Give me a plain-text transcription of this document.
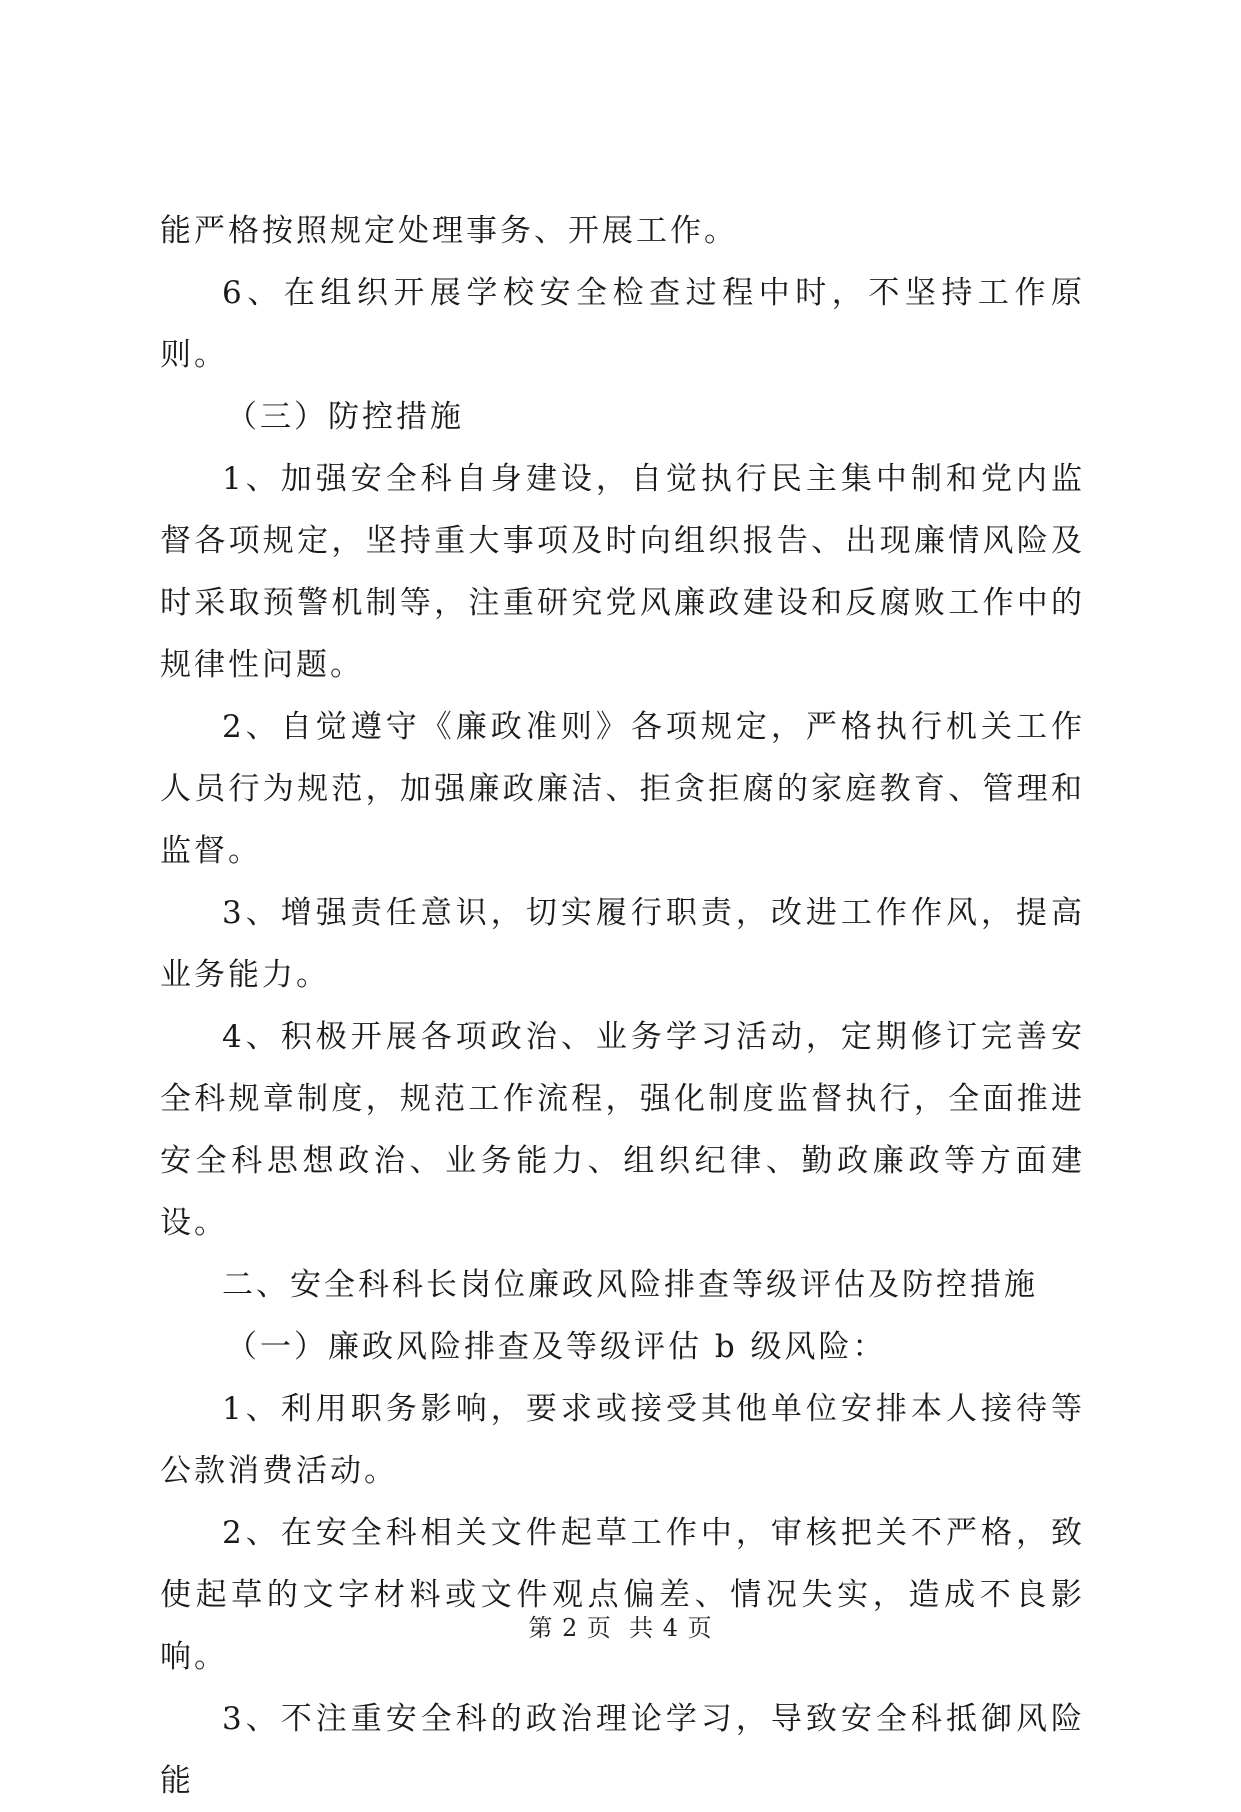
能严格按照规定处理事务、开展工作。

6、在组织开展学校安全检查过程中时，不坚持工作原则。

（三）防控措施

1、加强安全科自身建设，自觉执行民主集中制和党内监督各项规定，坚持重大事项及时向组织报告、出现廉情风险及时采取预警机制等，注重研究党风廉政建设和反腐败工作中的规律性问题。

2、自觉遵守《廉政准则》各项规定，严格执行机关工作人员行为规范，加强廉政廉洁、拒贪拒腐的家庭教育、管理和监督。

3、增强责任意识，切实履行职责，改进工作作风，提高业务能力。

4、积极开展各项政治、业务学习活动，定期修订完善安全科规章制度，规范工作流程，强化制度监督执行，全面推进安全科思想政治、业务能力、组织纪律、勤政廉政等方面建设。

二、安全科科长岗位廉政风险排查等级评估及防控措施

（一）廉政风险排查及等级评估 b 级风险：

1、利用职务影响，要求或接受其他单位安排本人接待等公款消费活动。

2、在安全科相关文件起草工作中，审核把关不严格，致使起草的文字材料或文件观点偏差、情况失实，造成不良影响。

3、不注重安全科的政治理论学习，导致安全科抵御风险能

第 2 页  共 4 页
